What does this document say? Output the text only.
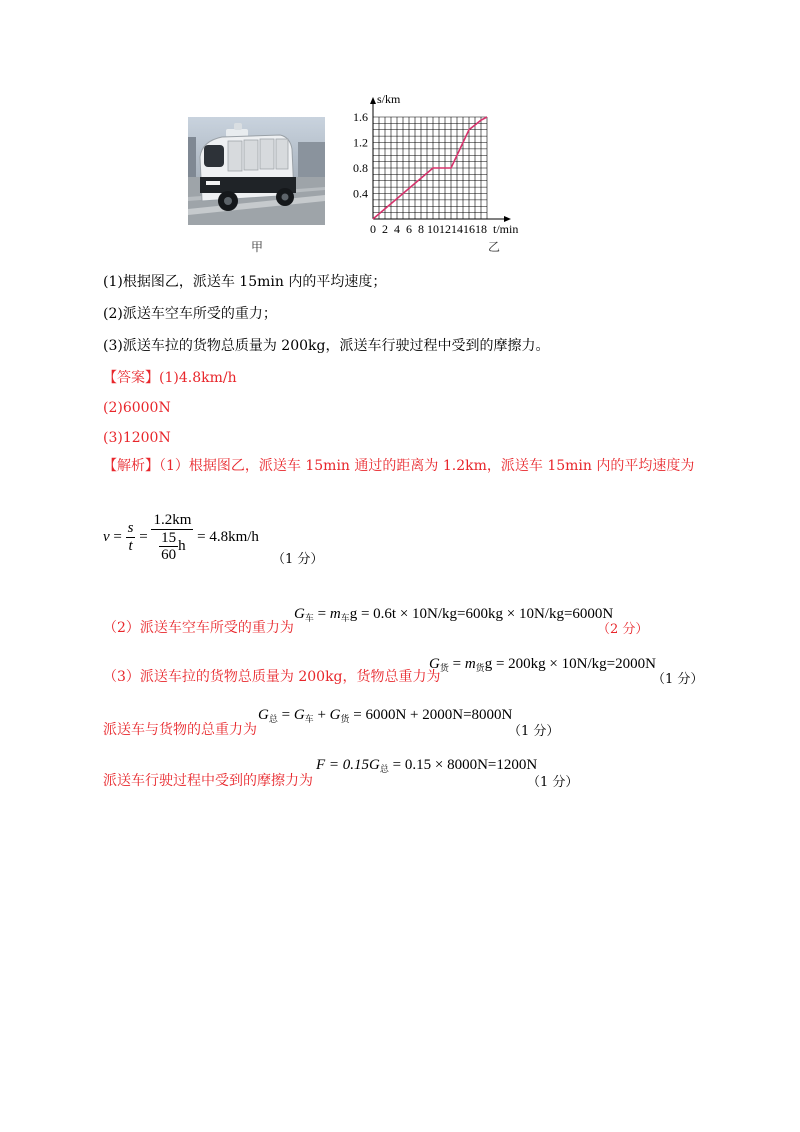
甲
0 2 4 6 8 10 12 14 16 18
0.4
0.8
1.2
1.6
s/km
t/min
乙
(1)根据图乙，派送车 15min 内的平均速度；
(2)派送车空车所受的重力；
(3)派送车拉的货物总质量为 200kg，派送车行驶过程中受到的摩擦力。
【答案】(1)4.8km/h
(2)6000N
(3)1200N
【解析】（1）根据图乙，派送车 15min 通过的距离为 1.2km，派送车 15min 内的平均速度为
$v = \frac{s}{t} = \frac{1.2km}{\frac{15}{60} h} = 4.8km/h$
（1 分）
（2）派送车空车所受的重力为
$G_车 = m_车g = 0.6t \times 10N/kg=600kg \times 10N/kg=6000N$
（2 分）
（3）派送车拉的货物总质量为 200kg，货物总重力为
$G_货 = m_货g = 200kg \times 10N/kg=2000N$
（1 分）
派送车与货物的总重力为
$G_总 = G_车 + G_货 = 6000N + 2000N=8000N$
（1 分）
派送车行驶过程中受到的摩擦力为
$F = 0.15G_总 = 0.15 \times 8000N=1200N$
（1 分）
